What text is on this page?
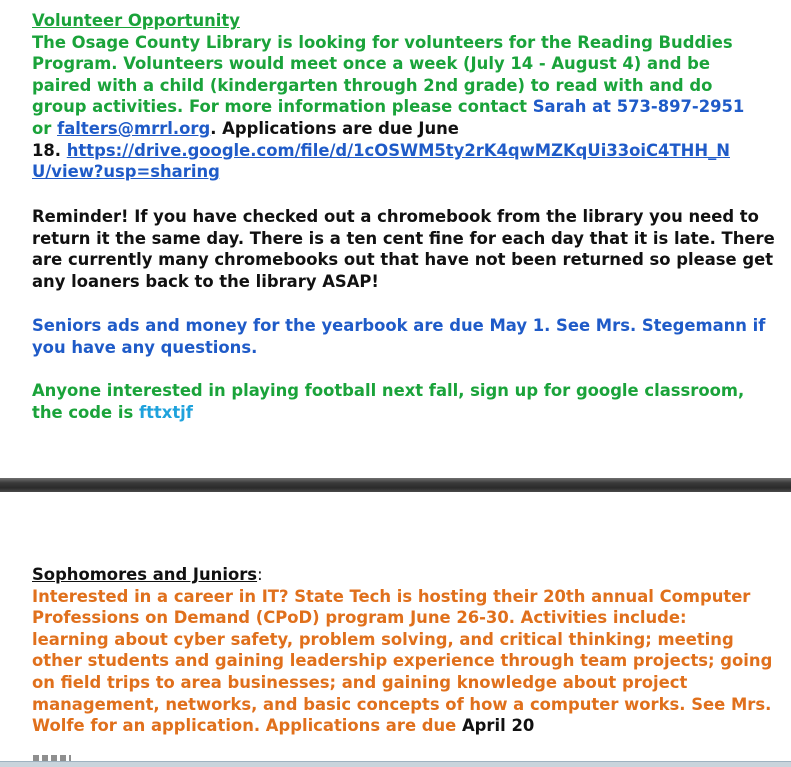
Volunteer Opportunity
The Osage County Library is looking for volunteers for the Reading Buddies
Program. Volunteers would meet once a week (July 14 - August 4) and be
paired with a child (kindergarten through 2nd grade) to read with and do
group activities. For more information please contact Sarah at 573-897-2951
or falters@mrrl.org. Applications are due June
18. https://drive.google.com/file/d/1cOSWM5ty2rK4qwMZKqUi33oiC4THH_N
U/view?usp=sharing
Reminder! If you have checked out a chromebook from the library you need to
return it the same day. There is a ten cent fine for each day that it is late. There
are currently many chromebooks out that have not been returned so please get
any loaners back to the library ASAP!
Seniors ads and money for the yearbook are due May 1. See Mrs. Stegemann if
you have any questions.
Anyone interested in playing football next fall, sign up for google classroom,
the code is fttxtjf
Sophomores and Juniors:
Interested in a career in IT? State Tech is hosting their 20th annual Computer
Professions on Demand (CPoD) program June 26-30. Activities include:
learning about cyber safety, problem solving, and critical thinking; meeting
other students and gaining leadership experience through team projects; going
on field trips to area businesses; and gaining knowledge about project
management, networks, and basic concepts of how a computer works. See Mrs.
Wolfe for an application. Applications are due April 20
